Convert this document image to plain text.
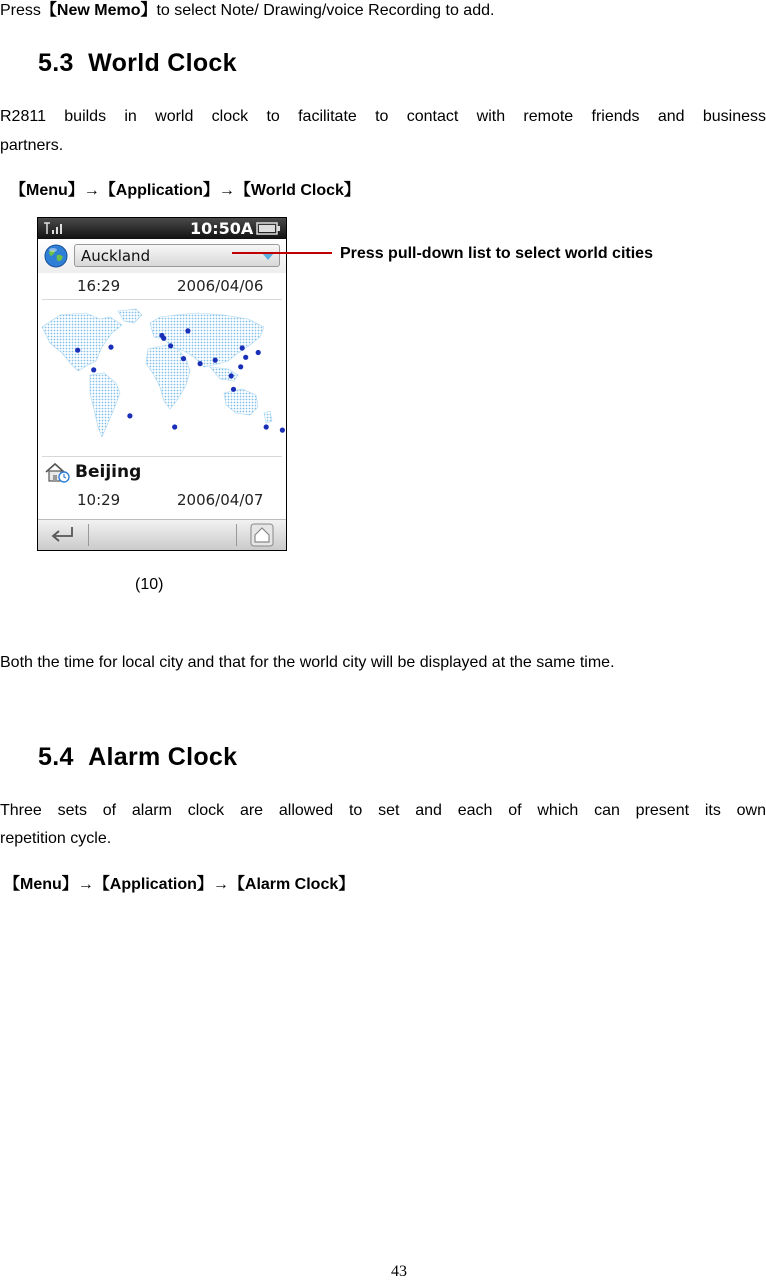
Press【New Memo】to select Note/ Drawing/voice Recording to add.
5.3 World Clock
R2811 builds in world clock to facilitate to contact with remote friends and business
partners.
【Menu】→【Application】→【World Clock】
10:50A
Auckland
16:29	2006/04/06
Beijing
10:29	2006/04/07
Press pull-down list to select world cities
(10)
Both the time for local city and that for the world city will be displayed at the same time.
5.4 Alarm Clock
Three sets of alarm clock are allowed to set and each of which can present its own
repetition cycle.
【Menu】→【Application】→【Alarm Clock】
43
